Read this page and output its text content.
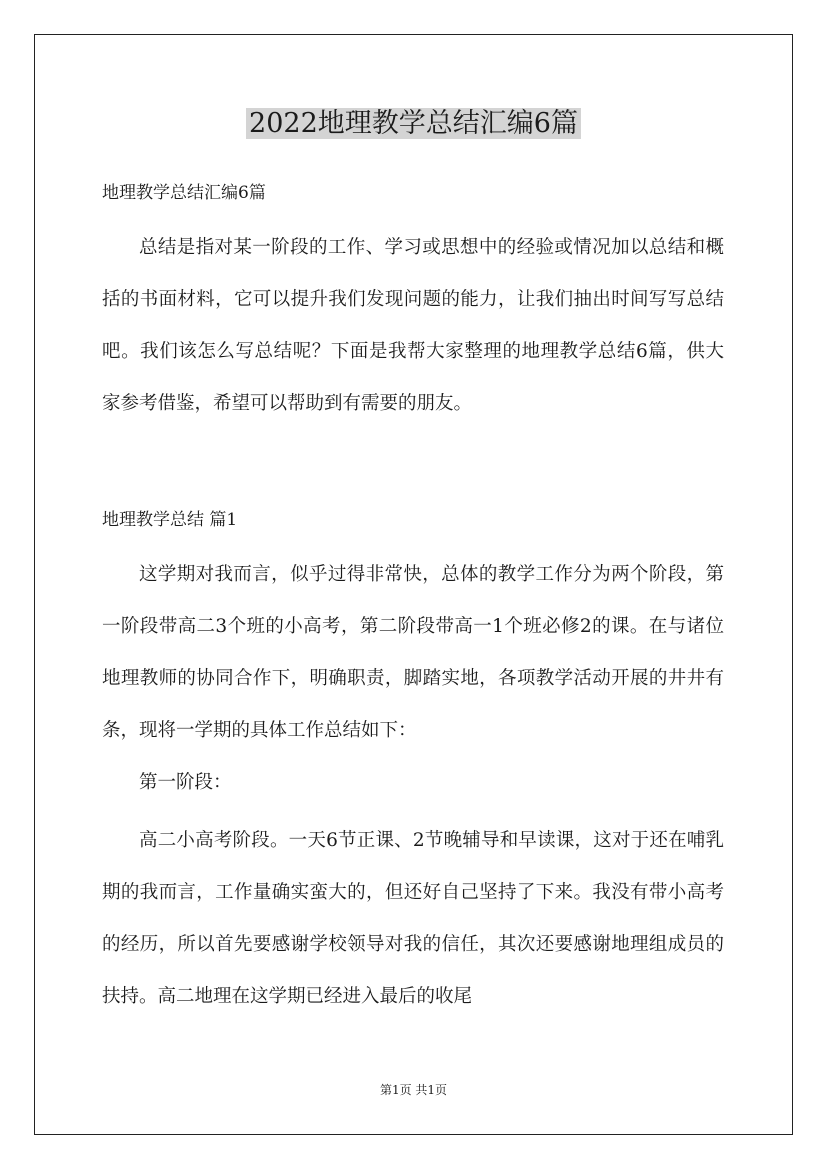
2022地理教学总结汇编6篇

地理教学总结汇编6篇

总结是指对某一阶段的工作、学习或思想中的经验或情况加以总结和概括的书面材料，它可以提升我们发现问题的能力，让我们抽出时间写写总结吧。我们该怎么写总结呢？下面是我帮大家整理的地理教学总结6篇，供大家参考借鉴，希望可以帮助到有需要的朋友。

地理教学总结 篇1

这学期对我而言，似乎过得非常快，总体的教学工作分为两个阶段，第一阶段带高二3个班的小高考，第二阶段带高一1个班必修2的课。在与诸位地理教师的协同合作下，明确职责，脚踏实地，各项教学活动开展的井井有条，现将一学期的具体工作总结如下：

第一阶段：

高二小高考阶段。一天6节正课、2节晚辅导和早读课，这对于还在哺乳期的我而言，工作量确实蛮大的，但还好自己坚持了下来。我没有带小高考的经历，所以首先要感谢学校领导对我的信任，其次还要感谢地理组成员的扶持。高二地理在这学期已经进入最后的收尾

第1页 共1页
